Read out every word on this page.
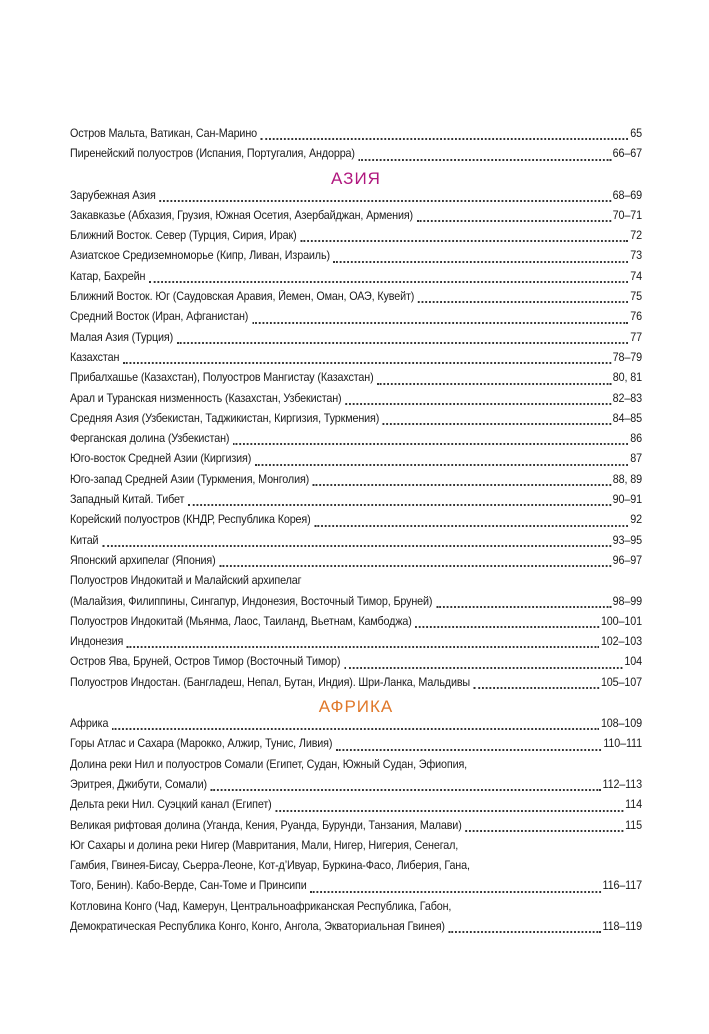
Остров Мальта, Ватикан, Сан-Марино	65
Пиренейский полуостров (Испания, Португалия, Андорра)	66–67
АЗИЯ
Зарубежная Азия	68–69
Закавказье (Абхазия, Грузия, Южная Осетия, Азербайджан, Армения)	70–71
Ближний Восток. Север (Турция, Сирия, Ирак)	72
Азиатское Средиземноморье (Кипр, Ливан, Израиль)	73
Катар, Бахрейн	74
Ближний Восток. Юг (Саудовская Аравия, Йемен, Оман, ОАЭ, Кувейт)	75
Средний Восток (Иран, Афганистан)	76
Малая Азия (Турция)	77
Казахстан	78–79
Прибалхашье (Казахстан), Полуостров Мангистау (Казахстан)	80, 81
Арал и Туранская низменность (Казахстан, Узбекистан)	82–83
Средняя Азия (Узбекистан, Таджикистан, Киргизия, Туркмения)	84–85
Ферганская долина (Узбекистан)	86
Юго-восток Средней Азии (Киргизия)	87
Юго-запад Средней Азии (Туркмения, Монголия)	88, 89
Западный Китай. Тибет	90–91
Корейский полуостров (КНДР, Республика Корея)	92
Китай	93–95
Японский архипелаг (Япония)	96–97
Полуостров Индокитай и Малайский архипелаг
(Малайзия, Филиппины, Сингапур, Индонезия, Восточный Тимор, Бруней)	98–99
Полуостров Индокитай (Мьянма, Лаос, Таиланд, Вьетнам, Камбоджа)	100–101
Индонезия	102–103
Остров Ява, Бруней, Остров Тимор (Восточный Тимор)	104
Полуостров Индостан. (Бангладеш, Непал, Бутан, Индия). Шри-Ланка, Мальдивы	105–107
АФРИКА
Африка	108–109
Горы Атлас и Сахара (Марокко, Алжир, Тунис, Ливия)	110–111
Долина реки Нил и полуостров Сомали (Египет, Судан, Южный Судан, Эфиопия,
Эритрея, Джибути, Сомали)	112–113
Дельта реки Нил. Суэцкий канал (Египет)	114
Великая рифтовая долина (Уганда, Кения, Руанда, Бурунди, Танзания, Малави)	115
Юг Сахары и долина реки Нигер (Мавритания, Мали, Нигер, Нигерия, Сенегал,
Гамбия, Гвинея-Бисау, Сьерра-Леоне, Кот-д’Ивуар, Буркина-Фасо, Либерия, Гана,
Того, Бенин). Кабо-Верде, Сан-Томе и Принсипи	116–117
Котловина Конго (Чад, Камерун, Центральноафриканская Республика, Габон,
Демократическая Республика Конго, Конго, Ангола, Экваториальная Гвинея)	118–119
